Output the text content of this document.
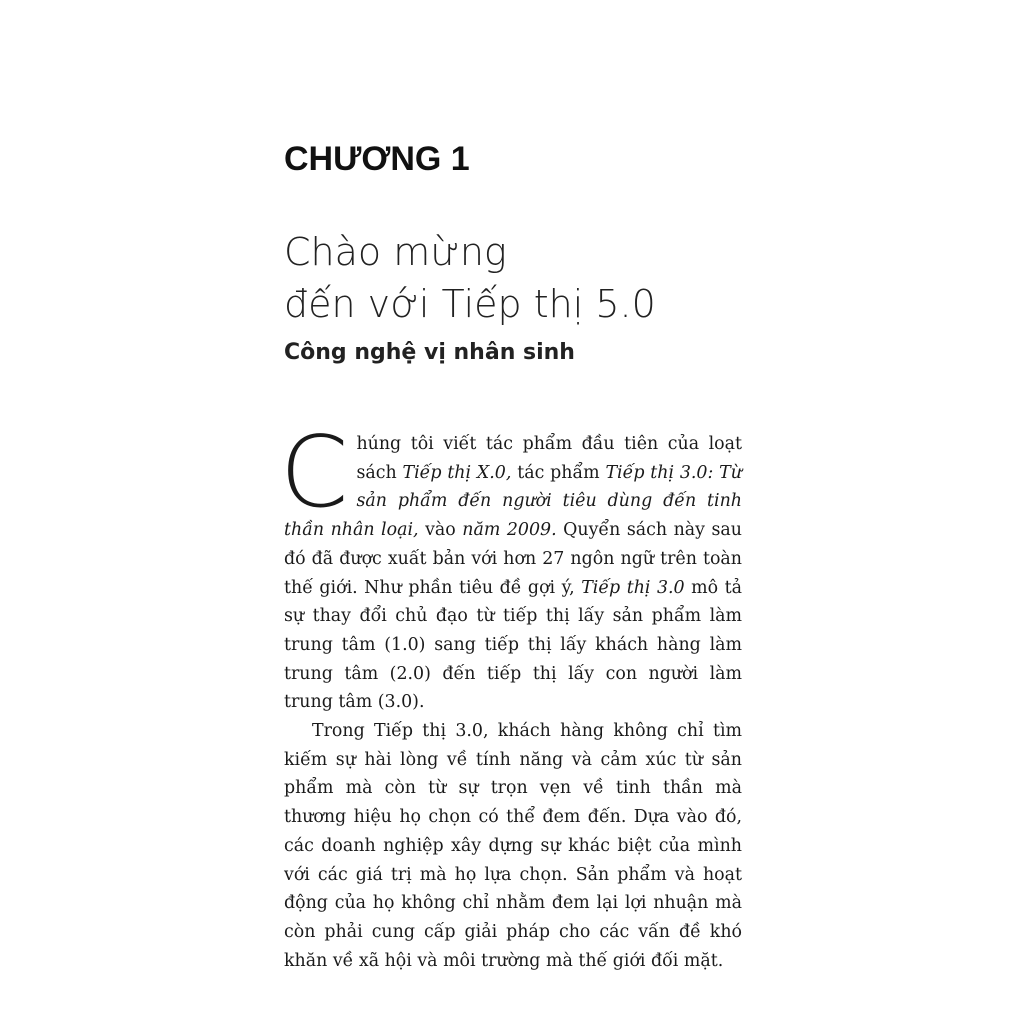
CHƯƠNG 1
Chào mừng
đến với Tiếp thị 5.0
Công nghệ vị nhân sinh

Chúng tôi viết tác phẩm đầu tiên của loạt sách Tiếp thị X.0, tác phẩm Tiếp thị 3.0: Từ sản phẩm đến người tiêu dùng đến tinh thần nhân loại, vào năm 2009. Quyển sách này sau đó đã được xuất bản với hơn 27 ngôn ngữ trên toàn thế giới. Như phần tiêu đề gợi ý, Tiếp thị 3.0 mô tả sự thay đổi chủ đạo từ tiếp thị lấy sản phẩm làm trung tâm (1.0) sang tiếp thị lấy khách hàng làm trung tâm (2.0) đến tiếp thị lấy con người làm trung tâm (3.0).

Trong Tiếp thị 3.0, khách hàng không chỉ tìm kiếm sự hài lòng về tính năng và cảm xúc từ sản phẩm mà còn từ sự trọn vẹn về tinh thần mà thương hiệu họ chọn có thể đem đến. Dựa vào đó, các doanh nghiệp xây dựng sự khác biệt của mình với các giá trị mà họ lựa chọn. Sản phẩm và hoạt động của họ không chỉ nhằm đem lại lợi nhuận mà còn phải cung cấp giải pháp cho các vấn đề khó khăn về xã hội và môi trường mà thế giới đối mặt.
